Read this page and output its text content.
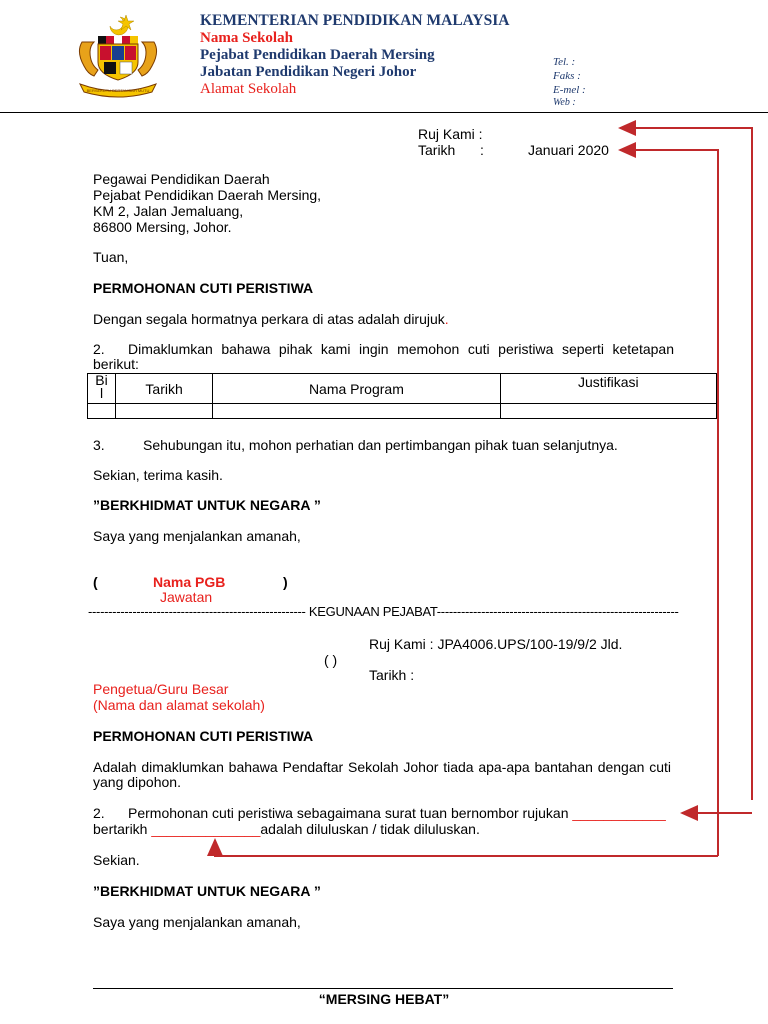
BERSEKUTU BERTAMBAH MUTU
KEMENTERIAN PENDIDIKAN MALAYSIA
Nama Sekolah
Pejabat Pendidikan Daerah Mersing
Jabatan Pendidikan Negeri Johor
Alamat Sekolah
Tel. :
Faks :
E-mel :
Web :
Ruj Kami :
Tarikh :	Januari 2020
Pegawai Pendidikan Daerah
Pejabat Pendidikan Daerah Mersing,
KM 2, Jalan Jemaluang,
86800 Mersing, Johor.
Tuan,
PERMOHONAN CUTI PERISTIWA
Dengan segala hormatnya perkara di atas adalah dirujuk.
2. Dimaklumkan bahawa pihak kami ingin memohon cuti peristiwa seperti ketetapan
berikut:
Bi
l	Tarikh	Nama Program	Justifikasi

3.	Sehubungan itu, mohon perhatian dan pertimbangan pihak tuan selanjutnya.
Sekian, terima kasih.
”BERKHIDMAT UNTUK NEGARA ”
Saya yang menjalankan amanah,
(	Nama PGB	)
Jawatan
------------------------------------------------------ KEGUNAAN PEJABAT------------------------------------------------------------
Ruj Kami : JPA4006.UPS/100-19/9/2 Jld.
( )
Tarikh :
Pengetua/Guru Besar
(Nama dan alamat sekolah)
PERMOHONAN CUTI PERISTIWA
Adalah dimaklumkan bahawa Pendaftar Sekolah Johor tiada apa-apa bantahan dengan cuti
yang dipohon.
2. Permohonan cuti peristiwa sebagaimana surat tuan bernombor rujukan ____________
bertarikh ______________adalah diluluskan / tidak diluluskan.
Sekian.
”BERKHIDMAT UNTUK NEGARA ”
Saya yang menjalankan amanah,
“MERSING HEBAT”
